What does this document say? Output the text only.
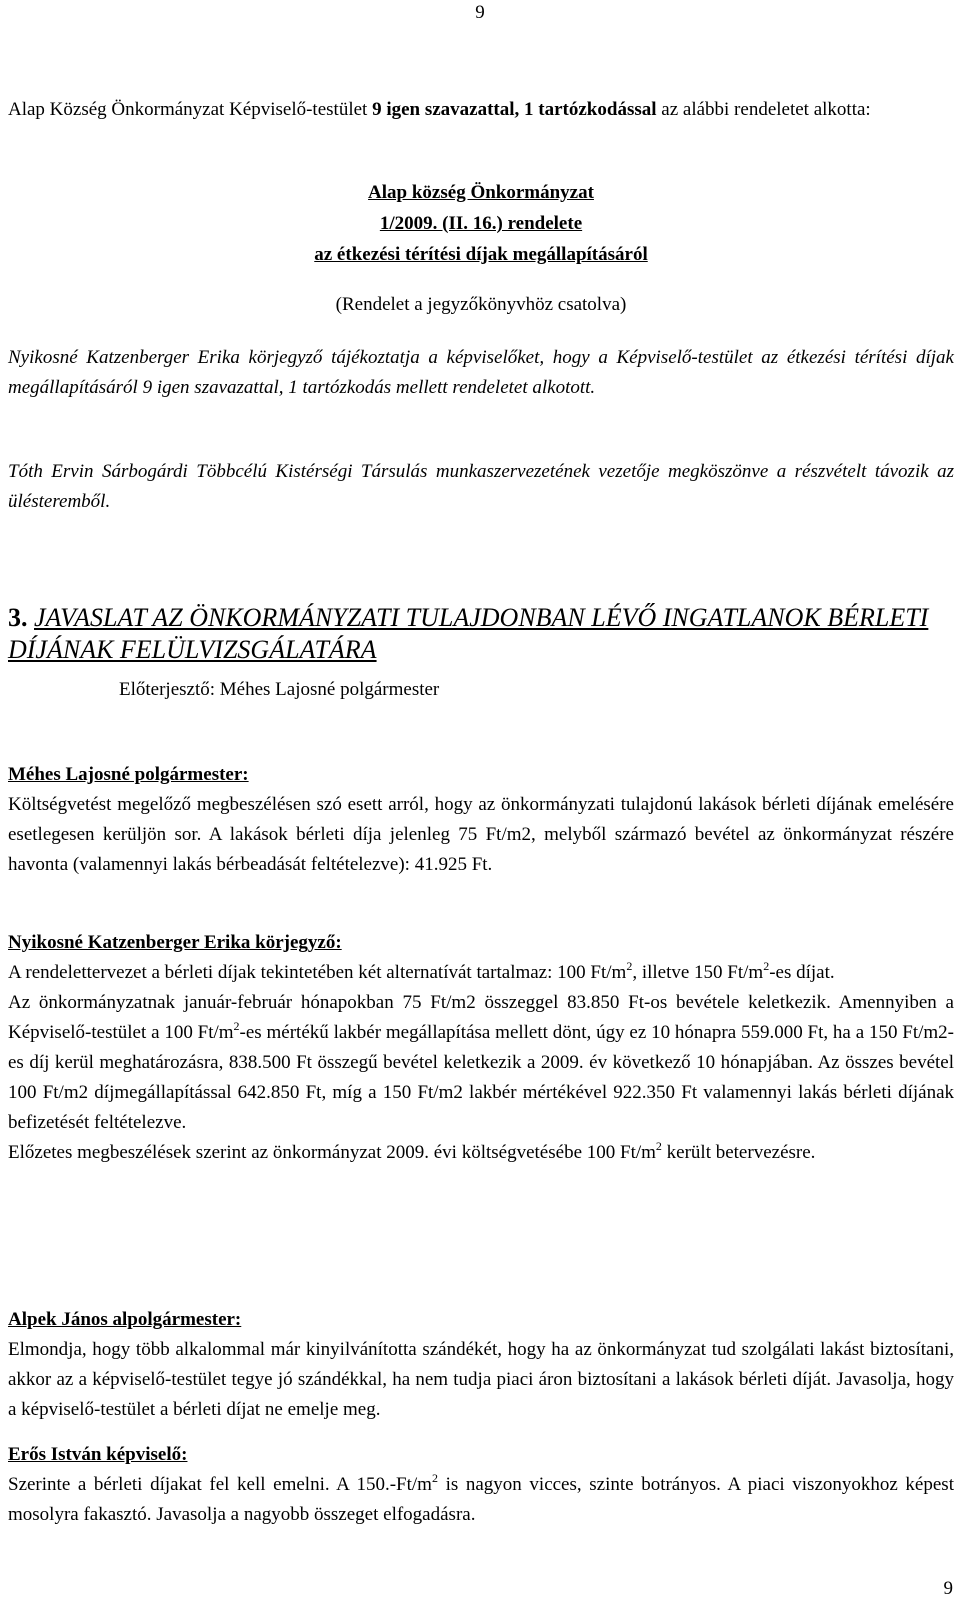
9
Alap Község Önkormányzat Képviselő-testület 9 igen szavazattal, 1 tartózkodással az alábbi rendeletet alkotta:
Alap község Önkormányzat
1/2009. (II. 16.) rendelete
az étkezési térítési díjak megállapításáról
(Rendelet a jegyzőkönyvhöz csatolva)
Nyikosné Katzenberger Erika körjegyző tájékoztatja a képviselőket, hogy a Képviselő-testület az étkezési térítési díjak megállapításáról 9 igen szavazattal, 1 tartózkodás mellett rendeletet alkotott.
Tóth Ervin Sárbogárdi Többcélú Kistérségi Társulás munkaszervezetének vezetője megköszönve a részvételt távozik az ülésteremből.
3. JAVASLAT AZ ÖNKORMÁNYZATI TULAJDONBAN LÉVŐ INGATLANOK BÉRLETI DÍJÁNAK FELÜLVIZSGÁLATÁRA
Előterjesztő: Méhes Lajosné polgármester
Méhes Lajosné polgármester:
Költségvetést megelőző megbeszélésen szó esett arról, hogy az önkormányzati tulajdonú lakások bérleti díjának emelésére esetlegesen kerüljön sor. A lakások bérleti díja jelenleg 75 Ft/m2, melyből származó bevétel az önkormányzat részére havonta (valamennyi lakás bérbeadását feltételezve): 41.925 Ft.
Nyikosné Katzenberger Erika körjegyző:
A rendelettervezet a bérleti díjak tekintetében két alternatívát tartalmaz: 100 $Ft/m^2$, illetve 150 $Ft/m^2-es$ díjat.
Az önkormányzatnak január-február hónapokban 75 Ft/m2 összeggel 83.850 Ft-os bevétele keletkezik. Amennyiben a Képviselő-testület a 100 $Ft/m^2-es$ mértékű lakbér megállapítása mellett dönt, úgy ez 10 hónapra 559.000 Ft, ha a 150 Ft/m2-es díj kerül meghatározásra, 838.500 Ft összegű bevétel keletkezik a 2009. év következő 10 hónapjában. Az összes bevétel 100 Ft/m2 díjmegállapítással 642.850 Ft, míg a 150 Ft/m2 lakbér mértékével 922.350 Ft valamennyi lakás bérleti díjának befizetését feltételezve.
Előzetes megbeszélések szerint az önkormányzat 2009. évi költségvetésébe 100 $Ft/m^2$ került betervezésre.
Alpek János alpolgármester:
Elmondja, hogy több alkalommal már kinyilvánította szándékét, hogy ha az önkormányzat tud szolgálati lakást biztosítani, akkor az a képviselő-testület tegye jó szándékkal, ha nem tudja piaci áron biztosítani a lakások bérleti díját. Javasolja, hogy a képviselő-testület a bérleti díjat ne emelje meg.
Erős István képviselő:
Szerinte a bérleti díjakat fel kell emelni. A $150.-Ft/m^2$ is nagyon vicces, szinte botrányos. A piaci viszonyokhoz képest mosolyra fakasztó. Javasolja a nagyobb összeget elfogadásra.
9
